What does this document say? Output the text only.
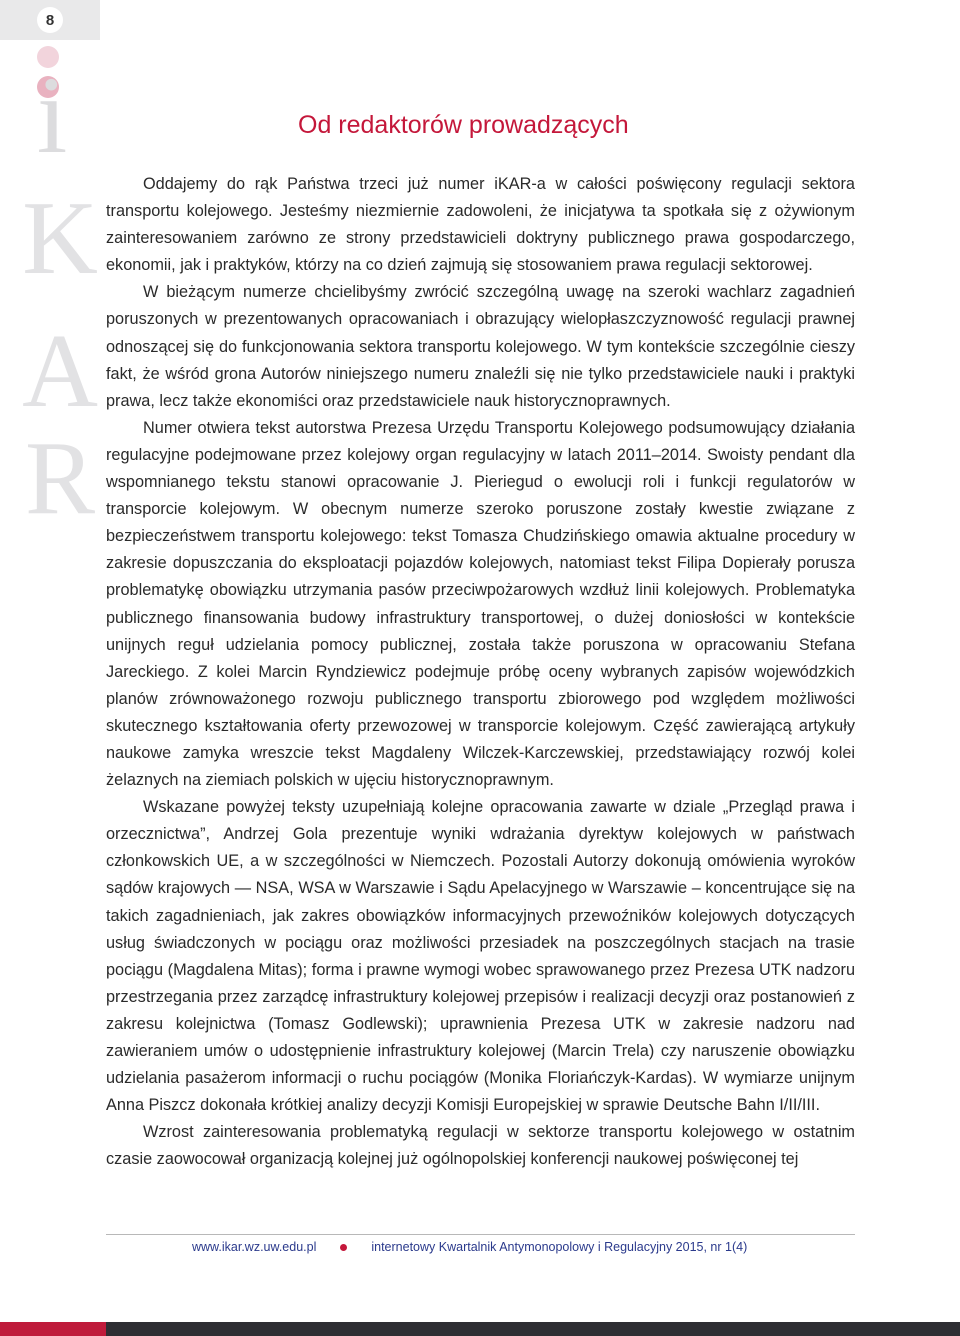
8
i
K
A
R
Od redaktorów prowadzących

Oddajemy do rąk Państwa trzeci już numer iKAR-a w całości poświęcony regulacji sektora transportu kolejowego. Jesteśmy niezmiernie zadowoleni, że inicjatywa ta spotkała się z ożywionym zainteresowaniem zarówno ze strony przedstawicieli doktryny publicznego prawa gospodarczego, ekonomii, jak i praktyków, którzy na co dzień zajmują się stosowaniem prawa regulacji sektorowej.

W bieżącym numerze chcielibyśmy zwrócić szczególną uwagę na szeroki wachlarz zagadnień poruszonych w prezentowanych opracowaniach i obrazujący wielopłaszczyznowość regulacji prawnej odnoszącej się do funkcjonowania sektora transportu kolejowego. W tym kontekście szczególnie cieszy fakt, że wśród grona Autorów niniejszego numeru znaleźli się nie tylko przedstawiciele nauki i praktyki prawa, lecz także ekonomiści oraz przedstawiciele nauk historycznoprawnych.

Numer otwiera tekst autorstwa Prezesa Urzędu Transportu Kolejowego podsumowujący działania regulacyjne podejmowane przez kolejowy organ regulacyjny w latach 2011–2014. Swoisty pendant dla wspomnianego tekstu stanowi opracowanie J. Pieriegud o ewolucji roli i funkcji regulatorów w transporcie kolejowym. W obecnym numerze szeroko poruszone zostały kwestie związane z bezpieczeństwem transportu kolejowego: tekst Tomasza Chudzińskiego omawia aktualne procedury w zakresie dopuszczania do eksploatacji pojazdów kolejowych, natomiast tekst Filipa Dopierały porusza problematykę obowiązku utrzymania pasów przeciwpożarowych wzdłuż linii kolejowych. Problematyka publicznego finansowania budowy infrastruktury transportowej, o dużej doniosłości w kontekście unijnych reguł udzielania pomocy publicznej, została także poruszona w opracowaniu Stefana Jareckiego. Z kolei Marcin Ryndziewicz podejmuje próbę oceny wybranych zapisów wojewódzkich planów zrównoważonego rozwoju publicznego transportu zbiorowego pod względem możliwości skutecznego kształtowania oferty przewozowej w transporcie kolejowym. Część zawierającą artykuły naukowe zamyka wreszcie tekst Magdaleny Wilczek-Karczewskiej, przedstawiający rozwój kolei żelaznych na ziemiach polskich w ujęciu historycznoprawnym.

Wskazane powyżej teksty uzupełniają kolejne opracowania zawarte w dziale „Przegląd prawa i orzecznictwa”, Andrzej Gola prezentuje wyniki wdrażania dyrektyw kolejowych w państwach członkowskich UE, a w szczególności w Niemczech. Pozostali Autorzy dokonują omówienia wyroków sądów krajowych — NSA, WSA w Warszawie i Sądu Apelacyjnego w Warszawie – koncentrujące się na takich zagadnieniach, jak zakres obowiązków informacyjnych przewoźników kolejowych dotyczących usług świadczonych w pociągu oraz możliwości przesiadek na poszczególnych stacjach na trasie pociągu (Magdalena Mitas); forma i prawne wymogi wobec sprawowanego przez Prezesa UTK nadzoru przestrzegania przez zarządcę infrastruktury kolejowej przepisów i realizacji decyzji oraz postanowień z zakresu kolejnictwa (Tomasz Godlewski); uprawnienia Prezesa UTK w zakresie nadzoru nad zawieraniem umów o udostępnienie infrastruktury kolejowej (Marcin Trela) czy naruszenie obowiązku udzielania pasażerom informacji o ruchu pociągów (Monika Floriańczyk-Kardas). W wymiarze unijnym Anna Piszcz dokonała krótkiej analizy decyzji Komisji Europejskiej w sprawie Deutsche Bahn I/II/III.

Wzrost zainteresowania problematyką regulacji w sektorze transportu kolejowego w ostatnim czasie zaowocował organizacją kolejnej już ogólnopolskiej konferencji naukowej poświęconej tej

www.ikar.wz.uw.edu.pl	internetowy Kwartalnik Antymonopolowy i Regulacyjny 2015, nr 1(4)
